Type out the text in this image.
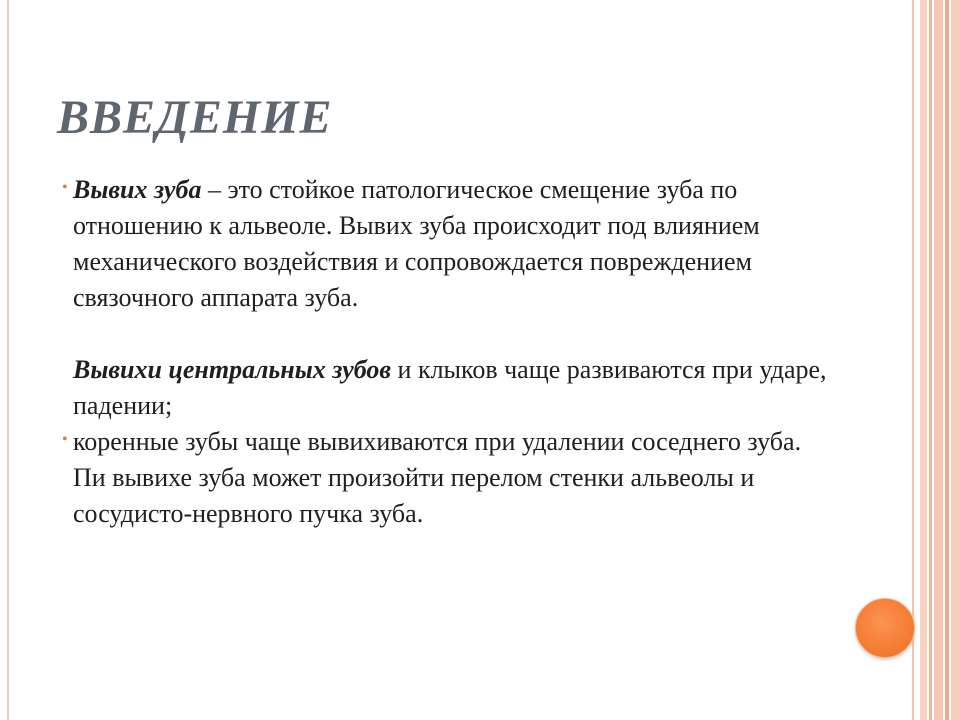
ВВЕДЕНИЕ
• Вывих зуба – это стойкое патологическое смещение зуба по отношению к альвеоле. Вывих зуба происходит под влиянием механического воздействия и сопровождается повреждением связочного аппарата зуба.
Вывихи центральных зубов и клыков чаще развиваются при ударе, падении;
• коренные зубы чаще вывихиваются при удалении соседнего зуба.
Пи вывихе зуба может произойти перелом стенки альвеолы и сосудисто-нервного пучка зуба.
